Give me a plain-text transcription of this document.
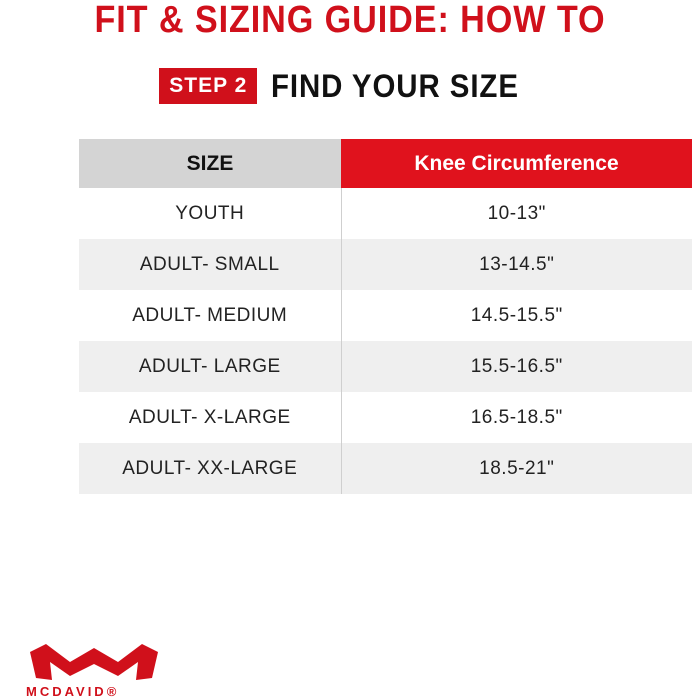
FIT & SIZING GUIDE: HOW TO
STEP 2 FIND YOUR SIZE
SIZE	Knee Circumference
YOUTH	10-13"
ADULT- SMALL	13-14.5"
ADULT- MEDIUM	14.5-15.5"
ADULT- LARGE	15.5-16.5"
ADULT- X-LARGE	16.5-18.5"
ADULT- XX-LARGE	18.5-21"
MCDAVID®
